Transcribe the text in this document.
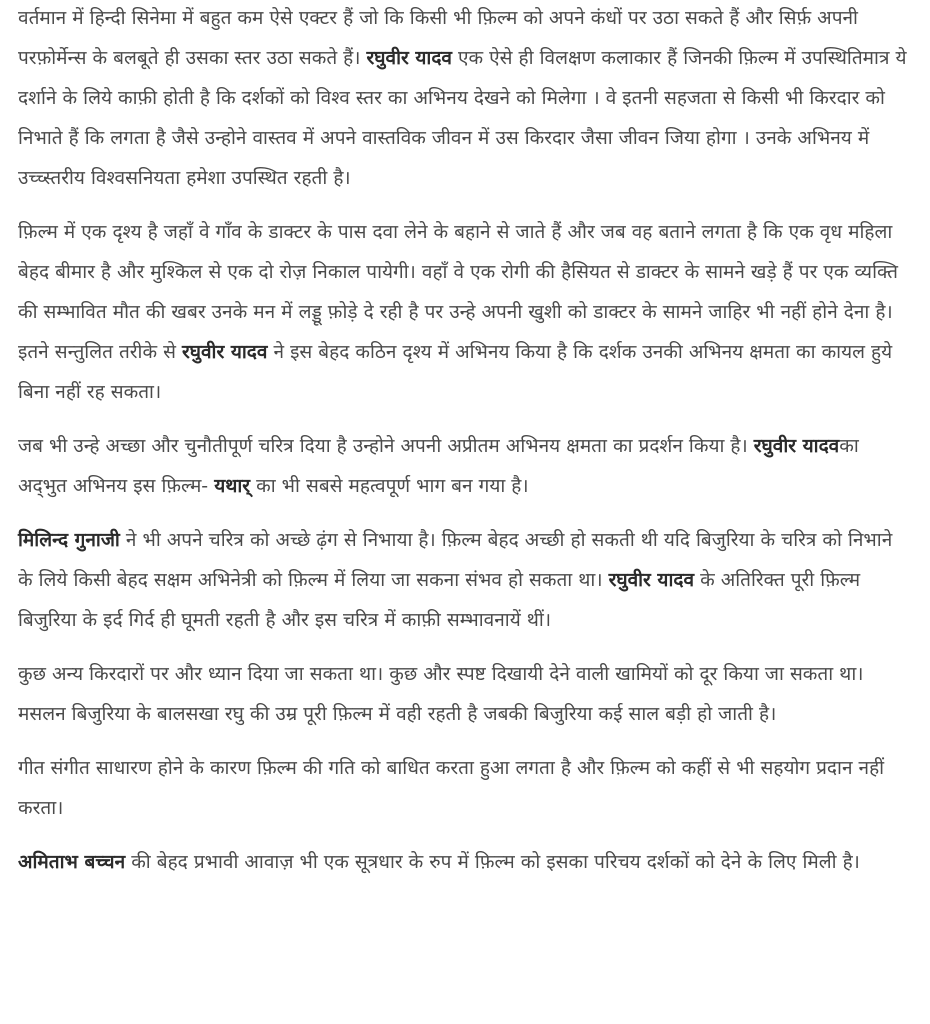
वर्तमान में हिन्दी सिनेमा में बहुत कम ऐसे एक्टर हैं जो कि किसी भी फ़िल्म को अपने कंधों पर उठा सकते हैं और सिर्फ़ अपनी परफ़ोर्मेन्स के बलबूते ही उसका स्तर उठा सकते हैं। रघुवीर यादव एक ऐसे ही विलक्षण कलाकार हैं जिनकी फ़िल्म में उपस्थितिमात्र ये दर्शाने के लिये काफ़ी होती है कि दर्शकों को विश्व स्तर का अभिनय देखने को मिलेगा । वे इतनी सहजता से किसी भी किरदार को निभाते हैं कि लगता है जैसे उन्होने वास्तव में अपने वास्तविक जीवन में उस किरदार जैसा जीवन जिया होगा । उनके अभिनय में उच्च्स्तरीय विश्वसनियता हमेशा उपस्थित रहती है।

फ़िल्म में एक दृश्य है जहाँ वे गाँव के डाक्टर के पास दवा लेने के बहाने से जाते हैं और जब वह बताने लगता है कि एक वृध महिला बेहद बीमार है और मुश्किल से एक दो रोज़ निकाल पायेगी। वहाँ वे एक रोगी की हैसियत से डाक्टर के सामने खड़े हैं पर एक व्यक्ति की सम्भावित मौत की खबर उनके मन में लड्डू फ़ोड़े दे रही है पर उन्हे अपनी खुशी को डाक्टर के सामने जाहिर भी नहीं होने देना है। इतने सन्तुलित तरीके से रघुवीर यादव ने इस बेहद कठिन दृश्य में अभिनय किया है कि दर्शक उनकी अभिनय क्षमता का कायल हुये बिना नहीं रह सकता।

जब भी उन्हे अच्छा और चुनौतीपूर्ण चरित्र दिया है उन्होने अपनी अप्रीतम अभिनय क्षमता का प्रदर्शन किया है। रघुवीर यादवका अद्‌भुत अभिनय इस फ़िल्म- यथार् का भी सबसे महत्वपूर्ण भाग बन गया है।

मिलिन्द गुनाजी ने भी अपने चरित्र को अच्छे ढ़ंग से निभाया है। फ़िल्म बेहद अच्छी हो सकती थी यदि बिजुरिया के चरित्र को निभाने के लिये किसी बेहद सक्षम अभिनेत्री को फ़िल्म में लिया जा सकना संभव हो सकता था। रघुवीर यादव के अतिरिक्त पूरी फ़िल्म बिजुरिया के इर्द गिर्द ही घूमती रहती है और इस चरित्र में काफ़ी सम्भावनायें थीं।

कुछ अन्य किरदारों पर और ध्यान दिया जा सकता था। कुछ और स्पष्ट दिखायी देने वाली खामियों को दूर किया जा सकता था। मसलन बिजुरिया के बालसखा रघु की उम्र पूरी फ़िल्म में वही रहती है जबकी बिजुरिया कई साल बड़ी हो जाती है।

गीत संगीत साधारण होने के कारण फ़िल्म की गति को बाधित करता हुआ लगता है और फ़िल्म को कहीं से भी सहयोग प्रदान नहीं करता।

अमिताभ बच्चन की बेहद प्रभावी आवाज़ भी एक सूत्रधार के रुप में फ़िल्म को इसका परिचय दर्शकों को देने के लिए मिली है।
